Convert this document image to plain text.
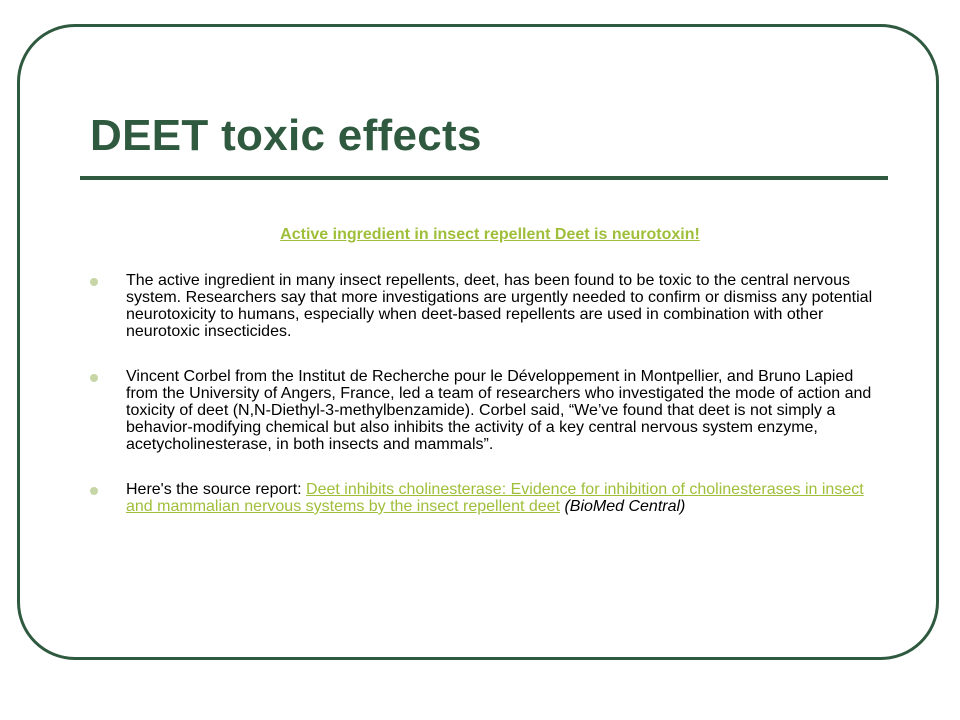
DEET toxic effects
Active ingredient in insect repellent Deet is neurotoxin!
The active ingredient in many insect repellents, deet, has been found to be toxic to the central nervous system. Researchers say that more investigations are urgently needed to confirm or dismiss any potential neurotoxicity to humans, especially when deet-based repellents are used in combination with other neurotoxic insecticides.
Vincent Corbel from the Institut de Recherche pour le Développement in Montpellier, and Bruno Lapied from the University of Angers, France, led a team of researchers who investigated the mode of action and toxicity of deet (N,N-Diethyl-3-methylbenzamide). Corbel said, “We’ve found that deet is not simply a behavior-modifying chemical but also inhibits the activity of a key central nervous system enzyme, acetycholinesterase, in both insects and mammals”.
Here's the source report: Deet inhibits cholinesterase: Evidence for inhibition of cholinesterases in insect and mammalian nervous systems by the insect repellent deet (BioMed Central)
